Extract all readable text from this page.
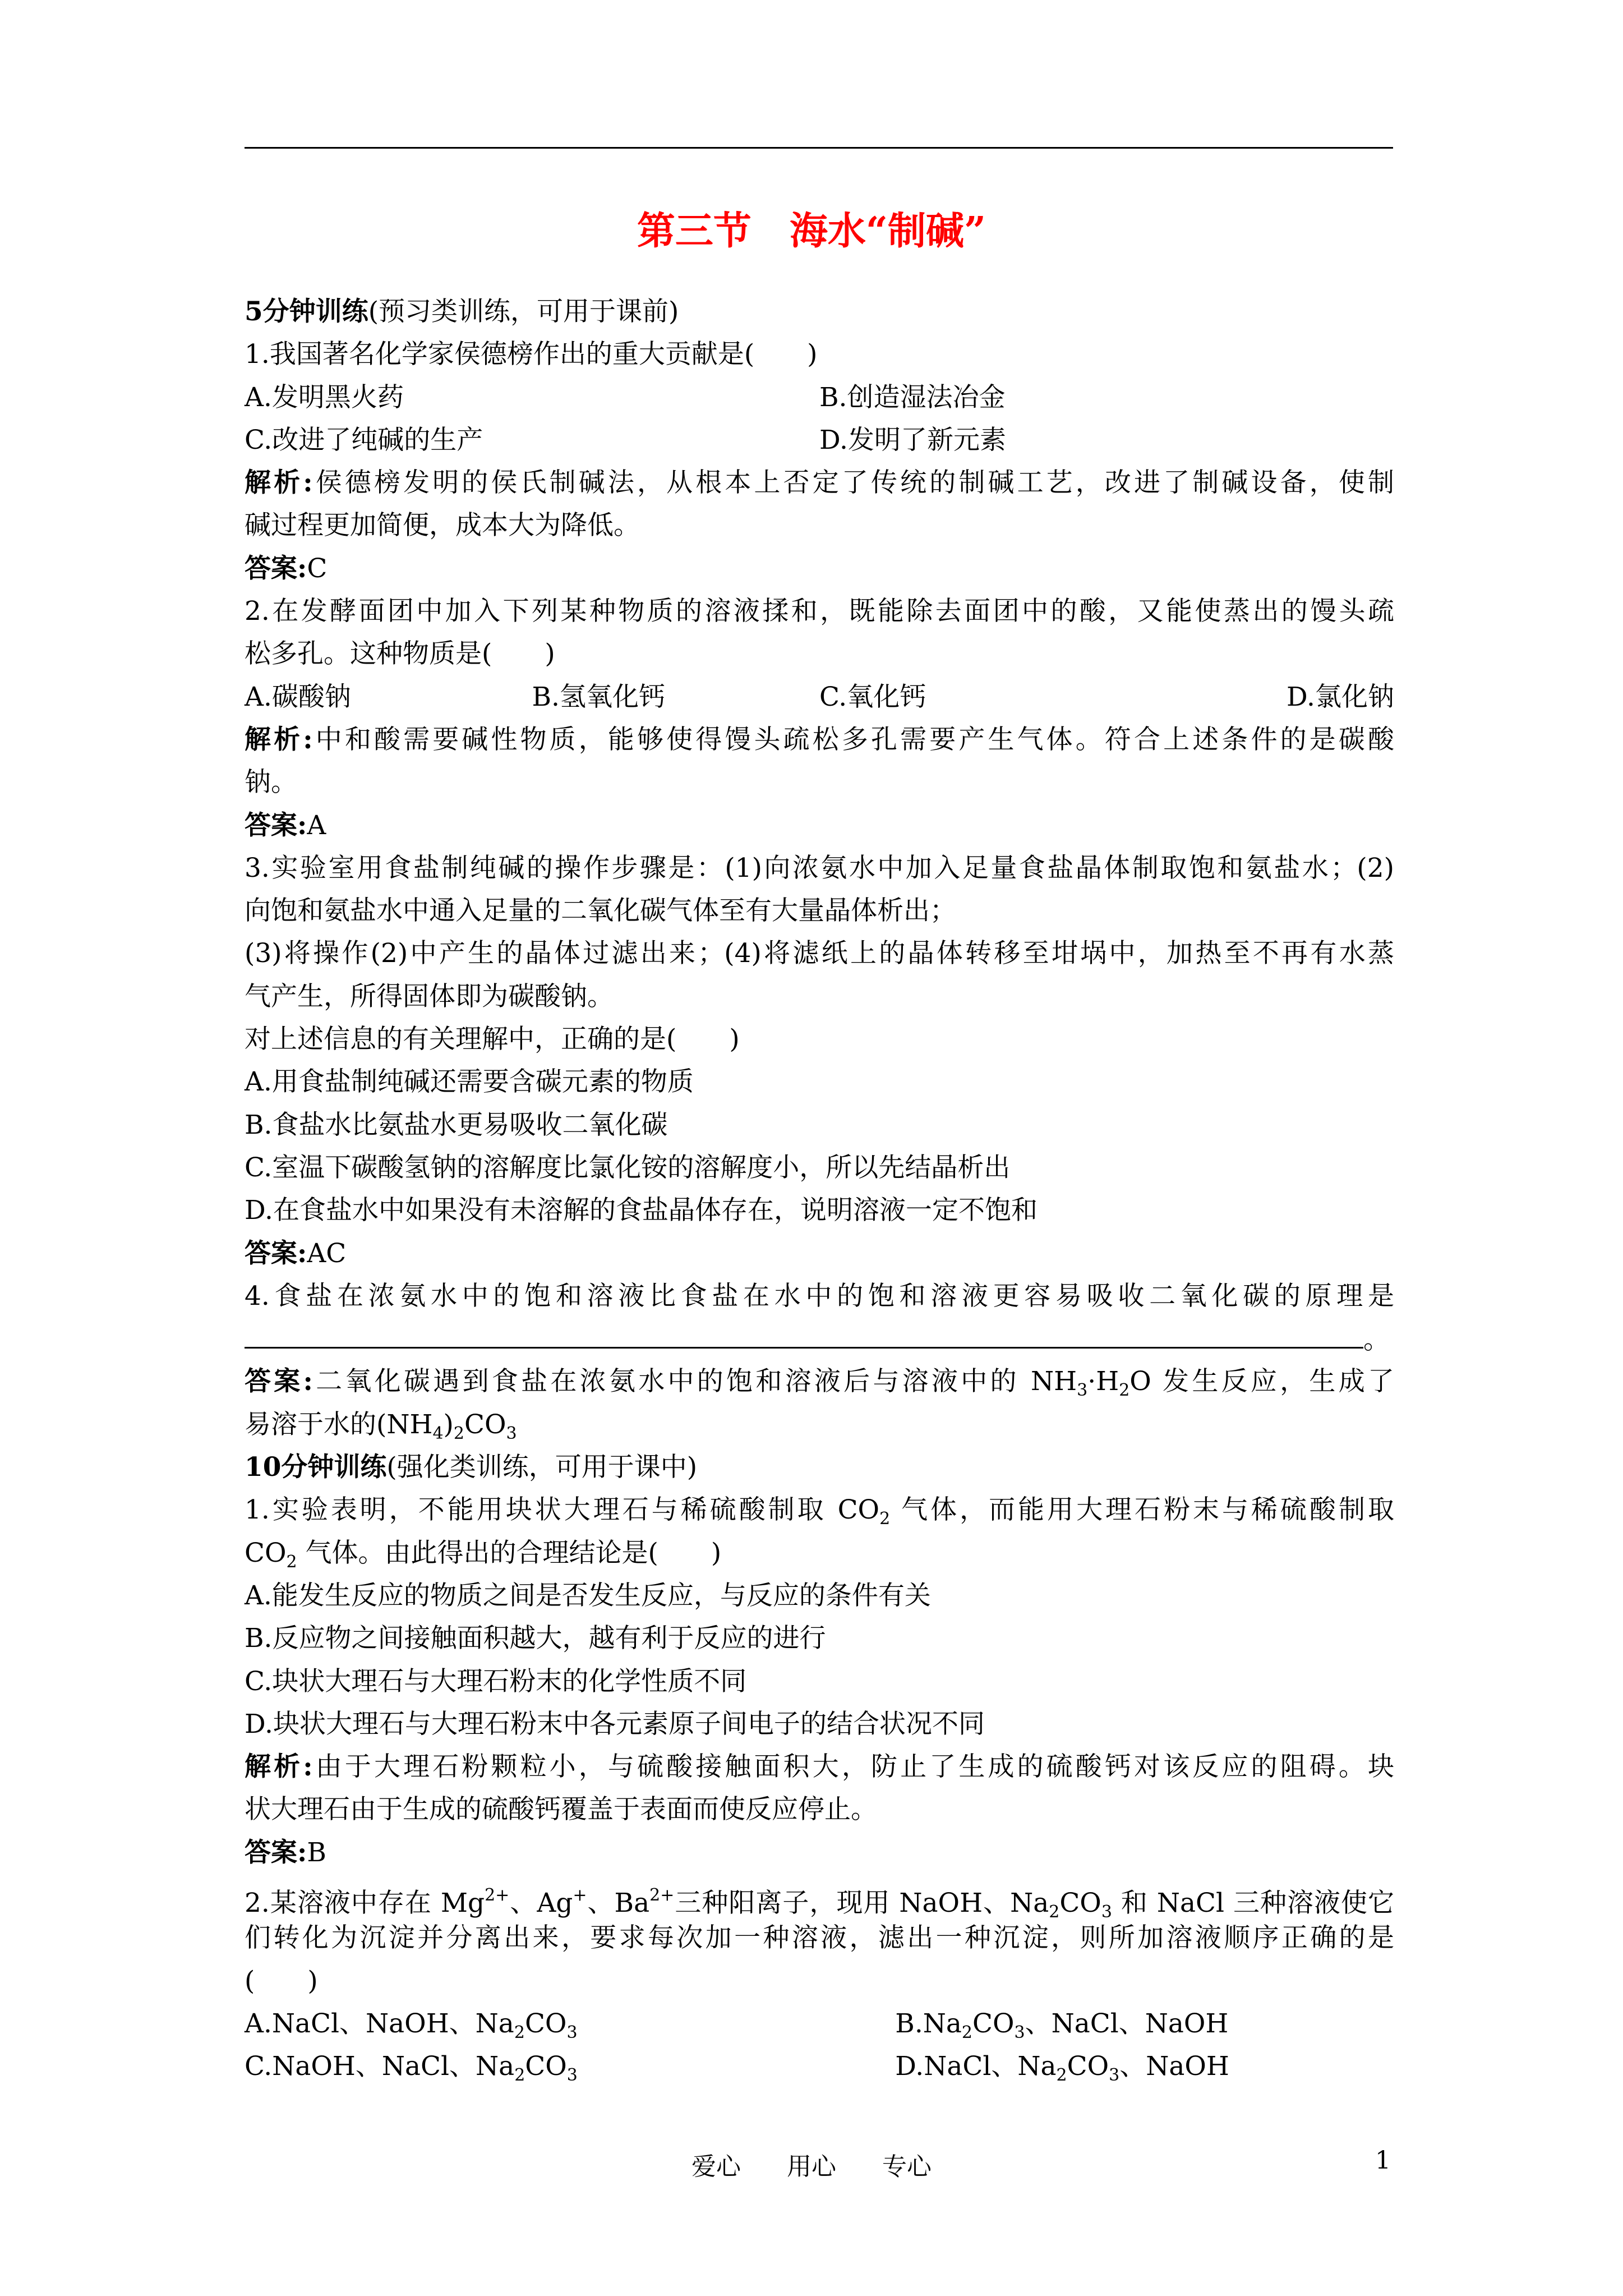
第三节　海水“制碱”
5分钟训练(预习类训练，可用于课前)
1.我国著名化学家侯德榜作出的重大贡献是(　　)
A.发明黑火药	B.创造湿法冶金
C.改进了纯碱的生产	D.发明了新元素
解析:侯德榜发明的侯氏制碱法，从根本上否定了传统的制碱工艺，改进了制碱设备，使制
碱过程更加简便，成本大为降低。
答案:C
2.在发酵面团中加入下列某种物质的溶液揉和，既能除去面团中的酸，又能使蒸出的馒头疏
松多孔。这种物质是(　　)
A.碳酸钠	B.氢氧化钙	C.氧化钙	D.氯化钠
解析:中和酸需要碱性物质，能够使得馒头疏松多孔需要产生气体。符合上述条件的是碳酸
钠。
答案:A
3.实验室用食盐制纯碱的操作步骤是：(1)向浓氨水中加入足量食盐晶体制取饱和氨盐水；(2)
向饱和氨盐水中通入足量的二氧化碳气体至有大量晶体析出；
(3)将操作(2)中产生的晶体过滤出来；(4)将滤纸上的晶体转移至坩埚中，加热至不再有水蒸
气产生，所得固体即为碳酸钠。
对上述信息的有关理解中，正确的是(　　)
A.用食盐制纯碱还需要含碳元素的物质
B.食盐水比氨盐水更易吸收二氧化碳
C.室温下碳酸氢钠的溶解度比氯化铵的溶解度小，所以先结晶析出
D.在食盐水中如果没有未溶解的食盐晶体存在，说明溶液一定不饱和
答案:AC
4.食盐在浓氨水中的饱和溶液比食盐在水中的饱和溶液更容易吸收二氧化碳的原理是
。
答案:二氧化碳遇到食盐在浓氨水中的饱和溶液后与溶液中的 $NH_3\cdot H_2O$ 发生反应，生成了
易溶于水的$(NH_4)_2CO_3$
10分钟训练(强化类训练，可用于课中)
1.实验表明，不能用块状大理石与稀硫酸制取 $CO_2$ 气体，而能用大理石粉末与稀硫酸制取
$CO_2$ 气体。由此得出的合理结论是(　　)
A.能发生反应的物质之间是否发生反应，与反应的条件有关
B.反应物之间接触面积越大，越有利于反应的进行
C.块状大理石与大理石粉末的化学性质不同
D.块状大理石与大理石粉末中各元素原子间电子的结合状况不同
解析:由于大理石粉颗粒小，与硫酸接触面积大，防止了生成的硫酸钙对该反应的阻碍。块
状大理石由于生成的硫酸钙覆盖于表面而使反应停止。
答案:B
2.某溶液中存在 $Mg^{2+}$、Ag+、$Ba^{2+}$三种阳离子，现用 NaOH、$Na_2CO_3$ 和 NaCl 三种溶液使它
们转化为沉淀并分离出来，要求每次加一种溶液，滤出一种沉淀，则所加溶液顺序正确的是
(　　)
A.NaCl、NaOH、$Na_2CO_3$	$B.Na_2CO_3$、NaCl、NaOH
C.NaOH、NaCl、$Na_2CO_3$	D.NaCl、$Na_2CO_3$、NaOH
爱心 用心 专心	1
